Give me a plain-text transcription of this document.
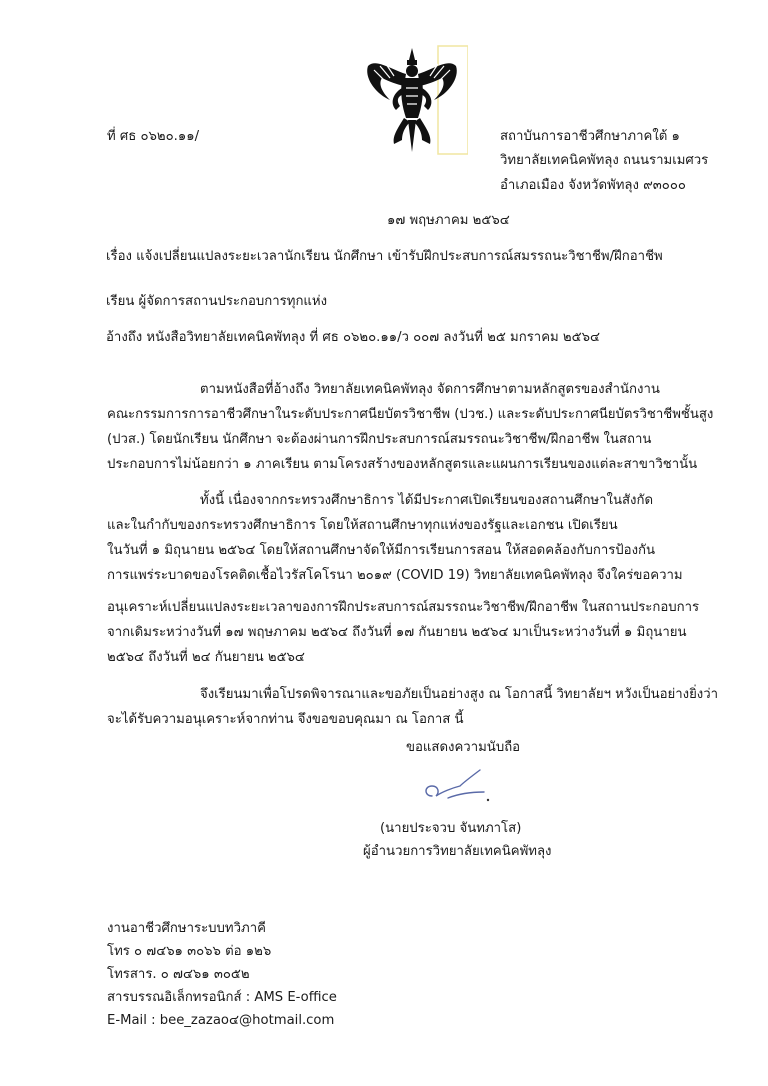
ที่ ศธ ๐๖๒๐.๑๑/	สถาบันการอาชีวศึกษาภาคใต้ ๑
วิทยาลัยเทคนิคพัทลุง ถนนรามเมศวร
อำเภอเมือง จังหวัดพัทลุง ๙๓๐๐๐
๑๗ พฤษภาคม ๒๕๖๔
เรื่อง แจ้งเปลี่ยนแปลงระยะเวลานักเรียน นักศึกษา เข้ารับฝึกประสบการณ์สมรรถนะวิชาชีพ/ฝึกอาชีพ
เรียน ผู้จัดการสถานประกอบการทุกแห่ง
อ้างถึง หนังสือวิทยาลัยเทคนิคพัทลุง ที่ ศธ ๐๖๒๐.๑๑/ว ๐๐๗ ลงวันที่ ๒๕ มกราคม ๒๕๖๔
ตามหนังสือที่อ้างถึง วิทยาลัยเทคนิคพัทลุง จัดการศึกษาตามหลักสูตรของสำนักงาน
คณะกรรมการการอาชีวศึกษาในระดับประกาศนียบัตรวิชาชีพ (ปวช.) และระดับประกาศนียบัตรวิชาชีพชั้นสูง
(ปวส.) โดยนักเรียน นักศึกษา จะต้องผ่านการฝึกประสบการณ์สมรรถนะวิชาชีพ/ฝึกอาชีพ ในสถาน
ประกอบการไม่น้อยกว่า ๑ ภาคเรียน ตามโครงสร้างของหลักสูตรและแผนการเรียนของแต่ละสาขาวิชานั้น
ทั้งนี้ เนื่องจากกระทรวงศึกษาธิการ ได้มีประกาศเปิดเรียนของสถานศึกษาในสังกัด
และในกำกับของกระทรวงศึกษาธิการ โดยให้สถานศึกษาทุกแห่งของรัฐและเอกชน เปิดเรียน
ในวันที่ ๑ มิถุนายน ๒๕๖๔ โดยให้สถานศึกษาจัดให้มีการเรียนการสอน ให้สอดคล้องกับการป้องกัน
การแพร่ระบาดของโรคติดเชื้อไวรัสโคโรนา ๒๐๑๙ (COVID 19) วิทยาลัยเทคนิคพัทลุง จึงใคร่ขอความ
อนุเคราะห์เปลี่ยนแปลงระยะเวลาของการฝึกประสบการณ์สมรรถนะวิชาชีพ/ฝึกอาชีพ ในสถานประกอบการ
จากเดิมระหว่างวันที่ ๑๗ พฤษภาคม ๒๕๖๔ ถึงวันที่ ๑๗ กันยายน ๒๕๖๔ มาเป็นระหว่างวันที่ ๑ มิถุนายน
๒๕๖๔ ถึงวันที่ ๒๔ กันยายน ๒๕๖๔
จึงเรียนมาเพื่อโปรดพิจารณาและขอภัยเป็นอย่างสูง ณ โอกาสนี้ วิทยาลัยฯ หวังเป็นอย่างยิ่งว่า
จะได้รับความอนุเคราะห์จากท่าน จึงขอขอบคุณมา ณ โอกาส นี้
ขอแสดงความนับถือ
(นายประจวบ จันทภาโส)
ผู้อำนวยการวิทยาลัยเทคนิคพัทลุง
งานอาชีวศึกษาระบบทวิภาคี
โทร ๐ ๗๔๖๑ ๓๐๖๖ ต่อ ๑๒๖
โทรสาร. ๐ ๗๔๖๑ ๓๐๕๒
สารบรรณอิเล็กทรอนิกส์ : AMS E-office
E-Mail : bee_zazao๔@hotmail.com
